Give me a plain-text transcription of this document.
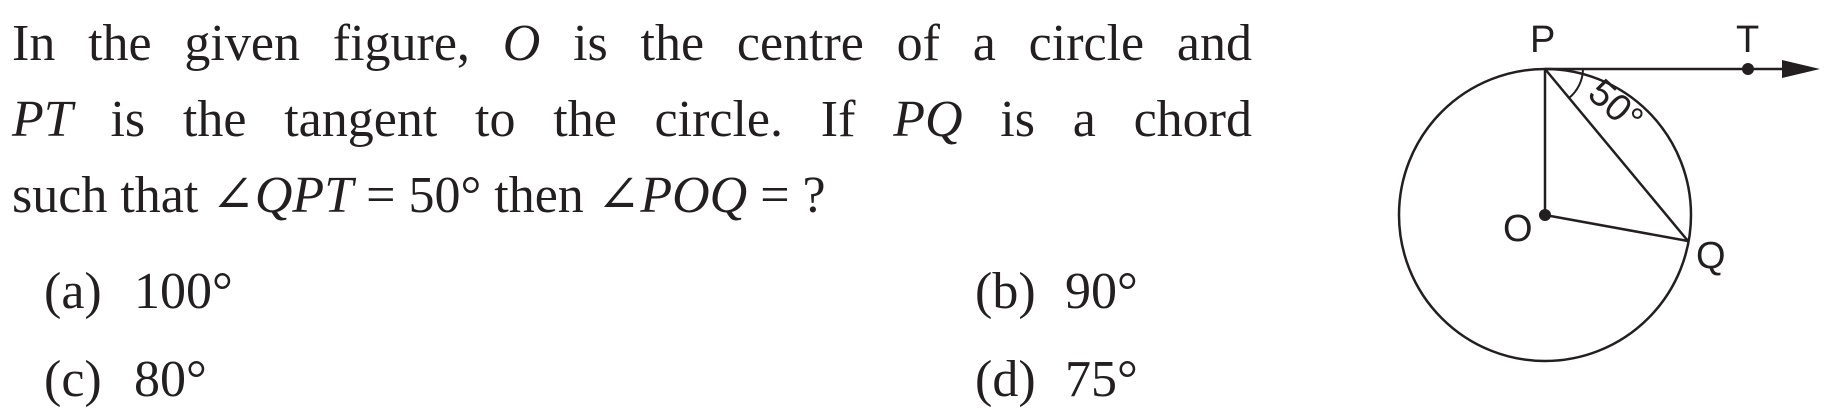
In the given figure, O is the centre of a circle and
PT is the tangent to the circle. If PQ is a chord
such that ∠QPT = 50° then ∠POQ = ?
(a) 100°	(b) 90°
(c) 80°	(d) 75°
P	T
O
Q
50°
